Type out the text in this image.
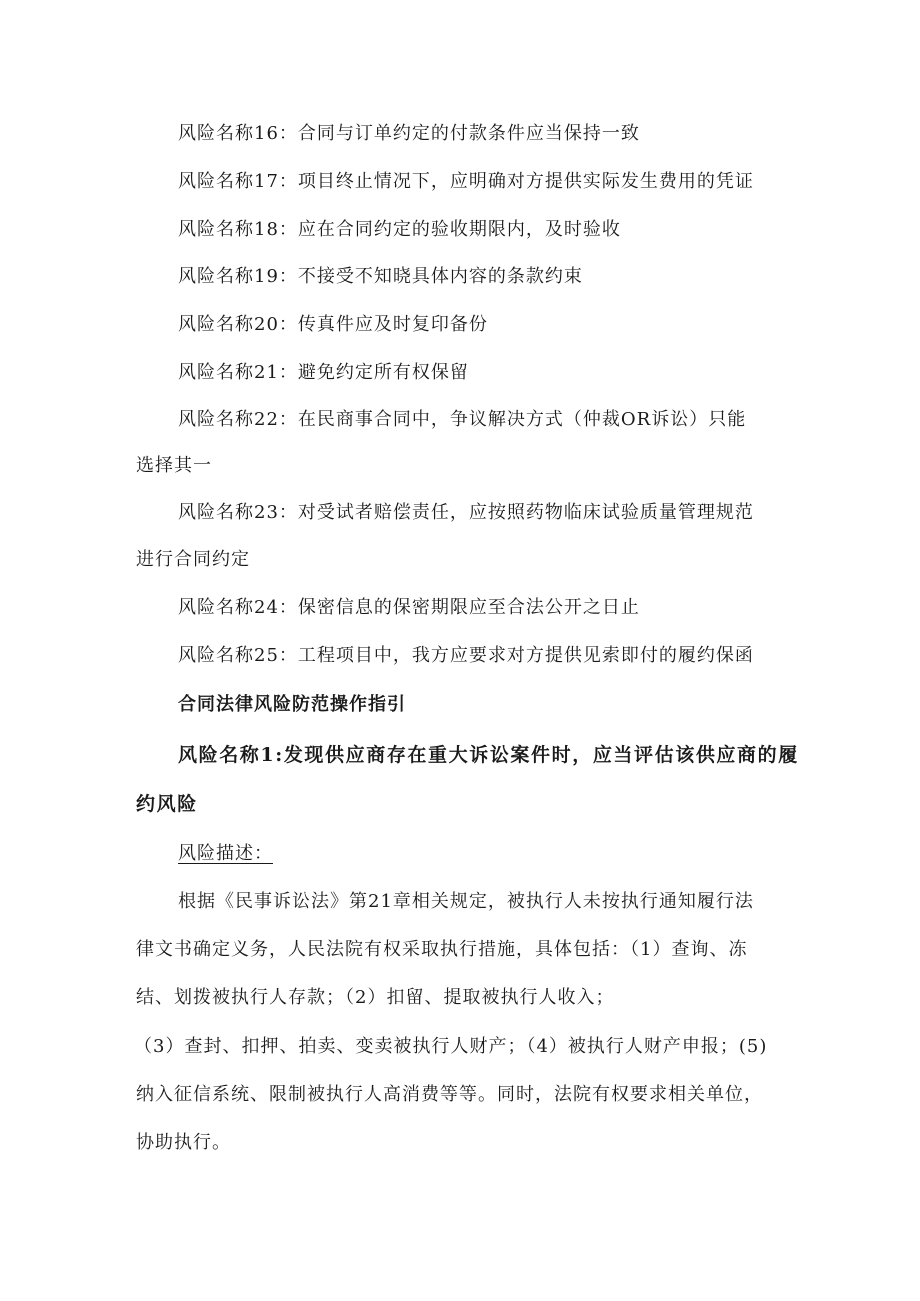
风险名称16：合同与订单约定的付款条件应当保持一致
风险名称17：项目终止情况下，应明确对方提供实际发生费用的凭证
风险名称18：应在合同约定的验收期限内，及时验收
风险名称19：不接受不知晓具体内容的条款约束
风险名称20：传真件应及时复印备份
风险名称21：避免约定所有权保留
风险名称22：在民商事合同中，争议解决方式（仲裁OR诉讼）只能
选择其一
风险名称23：对受试者赔偿责任，应按照药物临床试验质量管理规范
进行合同约定
风险名称24：保密信息的保密期限应至合法公开之日止
风险名称25：工程项目中，我方应要求对方提供见索即付的履约保函
合同法律风险防范操作指引
风险名称1:发现供应商存在重大诉讼案件时，应当评估该供应商的履
约风险
风险描述：
根据《民事诉讼法》第21章相关规定，被执行人未按执行通知履行法
律文书确定义务，人民法院有权采取执行措施，具体包括：（1）查询、冻
结、划拨被执行人存款；（2）扣留、提取被执行人收入；
（3）查封、扣押、拍卖、变卖被执行人财产；（4）被执行人财产申报；(5)
纳入征信系统、限制被执行人高消费等等。同时，法院有权要求相关单位，
协助执行。
